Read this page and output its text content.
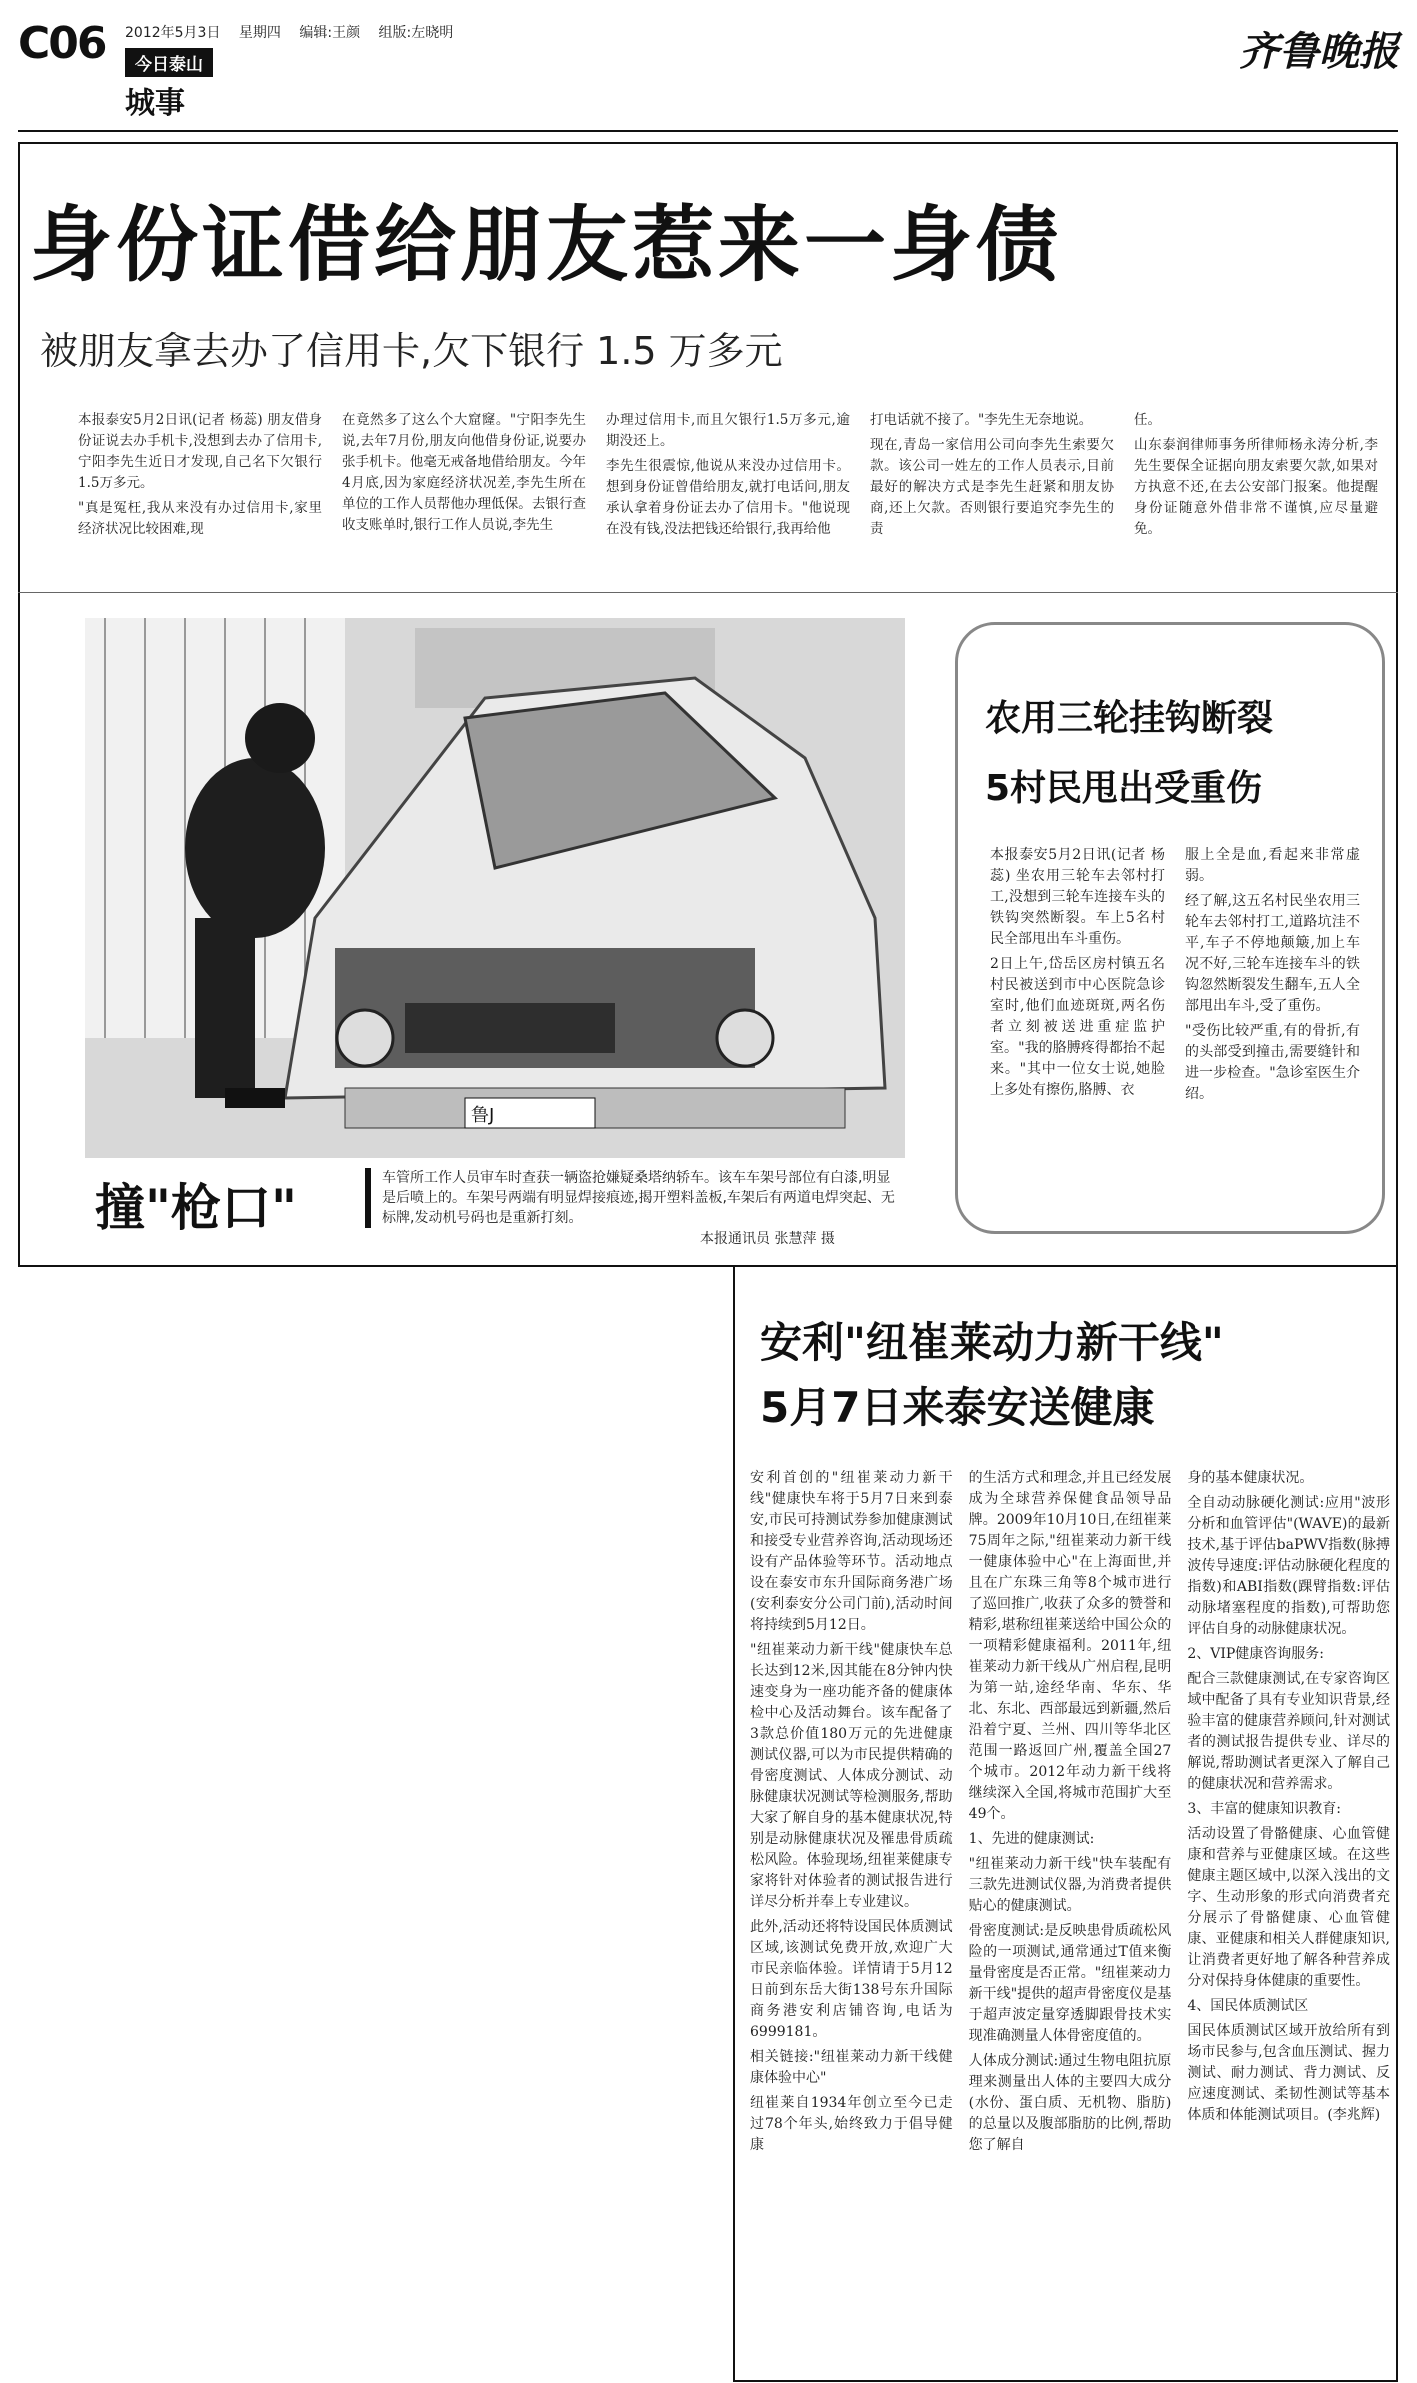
C06 2012年5月3日 星期四 编辑:王颜 组版:左晓明
今日泰山
城事
齐鲁晚报
身份证借给朋友惹来一身债
被朋友拿去办了信用卡,欠下银行 1.5 万多元

本报泰安5月2日讯(记者 杨蕊) 朋友借身份证说去办手机卡,没想到去办了信用卡,宁阳李先生近日才发现,自己名下欠银行1.5万多元。

"真是冤枉,我从来没有办过信用卡,家里经济状况比较困难,现

在竟然多了这么个大窟窿。"宁阳李先生说,去年7月份,朋友向他借身份证,说要办张手机卡。他毫无戒备地借给朋友。今年4月底,因为家庭经济状况差,李先生所在单位的工作人员帮他办理低保。去银行查收支账单时,银行工作人员说,李先生

办理过信用卡,而且欠银行1.5万多元,逾期没还上。

李先生很震惊,他说从来没办过信用卡。想到身份证曾借给朋友,就打电话问,朋友承认拿着身份证去办了信用卡。"他说现在没有钱,没法把钱还给银行,我再给他

打电话就不接了。"李先生无奈地说。

现在,青岛一家信用公司向李先生索要欠款。该公司一姓左的工作人员表示,目前最好的解决方式是李先生赶紧和朋友协商,还上欠款。否则银行要追究李先生的责

任。

山东泰润律师事务所律师杨永涛分析,李先生要保全证据向朋友索要欠款,如果对方执意不还,在去公安部门报案。他提醒身份证随意外借非常不谨慎,应尽量避免。

鲁J
撞"枪口"
车管所工作人员审车时查获一辆盗抢嫌疑桑塔纳轿车。该车车架号部位有白漆,明显是后喷上的。车架号两端有明显焊接痕迹,揭开塑料盖板,车架后有两道电焊突起、无标牌,发动机号码也是重新打刻。
本报通讯员 张慧萍 摄
农用三轮挂钩断裂
5村民甩出受重伤

本报泰安5月2日讯(记者 杨蕊) 坐农用三轮车去邻村打工,没想到三轮车连接车头的铁钩突然断裂。车上5名村民全部甩出车斗重伤。

2日上午,岱岳区房村镇五名村民被送到市中心医院急诊室时,他们血迹斑斑,两名伤者立刻被送进重症监护室。"我的胳膊疼得都抬不起来。"其中一位女士说,她脸上多处有擦伤,胳膊、衣

服上全是血,看起来非常虚弱。

经了解,这五名村民坐农用三轮车去邻村打工,道路坑洼不平,车子不停地颠簸,加上车况不好,三轮车连接车斗的铁钩忽然断裂发生翻车,五人全部甩出车斗,受了重伤。

"受伤比较严重,有的骨折,有的头部受到撞击,需要缝针和进一步检查。"急诊室医生介绍。

安利"纽崔莱动力新干线"
5月7日来泰安送健康

安利首创的"纽崔莱动力新干线"健康快车将于5月7日来到泰安,市民可持测试券参加健康测试和接受专业营养咨询,活动现场还设有产品体验等环节。活动地点设在泰安市东升国际商务港广场(安利泰安分公司门前),活动时间将持续到5月12日。

"纽崔莱动力新干线"健康快车总长达到12米,因其能在8分钟内快速变身为一座功能齐备的健康体检中心及活动舞台。该车配备了3款总价值180万元的先进健康测试仪器,可以为市民提供精确的骨密度测试、人体成分测试、动脉健康状况测试等检测服务,帮助大家了解自身的基本健康状况,特别是动脉健康状况及罹患骨质疏松风险。体验现场,纽崔莱健康专家将针对体验者的测试报告进行详尽分析并奉上专业建议。

此外,活动还将特设国民体质测试区域,该测试免费开放,欢迎广大市民亲临体验。详情请于5月12日前到东岳大街138号东升国际商务港安利店铺咨询,电话为6999181。

相关链接:"纽崔莱动力新干线健康体验中心"

纽崔莱自1934年创立至今已走过78个年头,始终致力于倡导健康

的生活方式和理念,并且已经发展成为全球营养保健食品领导品牌。2009年10月10日,在纽崔莱75周年之际,"纽崔莱动力新干线一健康体验中心"在上海面世,并且在广东珠三角等8个城市进行了巡回推广,收获了众多的赞誉和精彩,堪称纽崔莱送给中国公众的一项精彩健康福利。2011年,纽崔莱动力新干线从广州启程,昆明为第一站,途经华南、华东、华北、东北、西部最远到新疆,然后沿着宁夏、兰州、四川等华北区范围一路返回广州,覆盖全国27个城市。2012年动力新干线将继续深入全国,将城市范围扩大至49个。

1、先进的健康测试:

"纽崔莱动力新干线"快车装配有三款先进测试仪器,为消费者提供贴心的健康测试。

骨密度测试:是反映患骨质疏松风险的一项测试,通常通过T值来衡量骨密度是否正常。"纽崔莱动力新干线"提供的超声骨密度仪是基于超声波定量穿透脚跟骨技术实现准确测量人体骨密度值的。

人体成分测试:通过生物电阻抗原理来测量出人体的主要四大成分(水份、蛋白质、无机物、脂肪)的总量以及腹部脂肪的比例,帮助您了解自

身的基本健康状况。

全自动动脉硬化测试:应用"波形分析和血管评估"(WAVE)的最新技术,基于评估baPWV指数(脉搏波传导速度:评估动脉硬化程度的指数)和ABI指数(踝臂指数:评估动脉堵塞程度的指数),可帮助您评估自身的动脉健康状况。

2、VIP健康咨询服务:

配合三款健康测试,在专家咨询区域中配备了具有专业知识背景,经验丰富的健康营养顾问,针对测试者的测试报告提供专业、详尽的解说,帮助测试者更深入了解自己的健康状况和营养需求。

3、丰富的健康知识教育:

活动设置了骨骼健康、心血管健康和营养与亚健康区域。在这些健康主题区域中,以深入浅出的文字、生动形象的形式向消费者充分展示了骨骼健康、心血管健康、亚健康和相关人群健康知识,让消费者更好地了解各种营养成分对保持身体健康的重要性。

4、国民体质测试区

国民体质测试区域开放给所有到场市民参与,包含血压测试、握力测试、耐力测试、背力测试、反应速度测试、柔韧性测试等基本体质和体能测试项目。(李兆辉)
